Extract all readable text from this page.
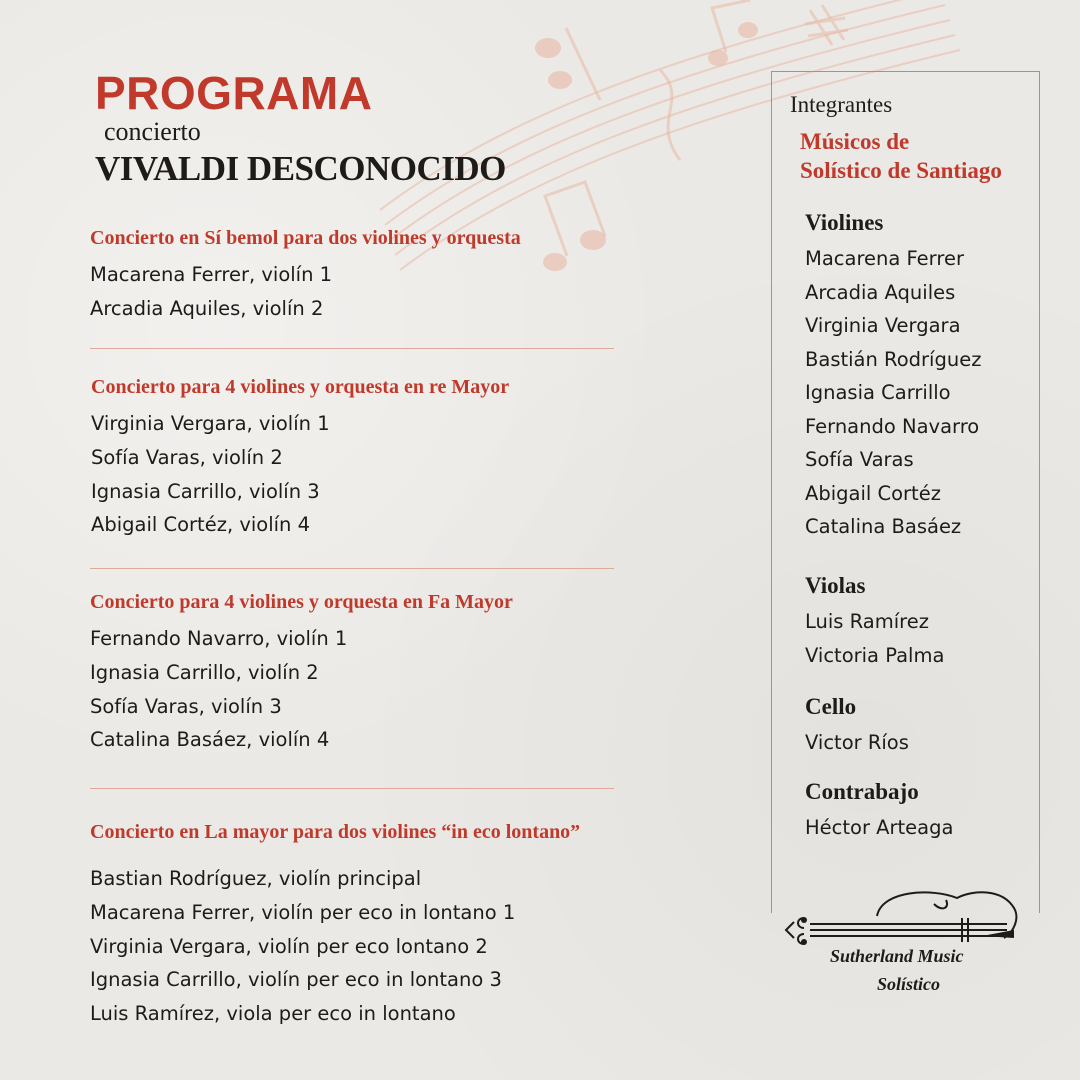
PROGRAMA
concierto
VIVALDI DESCONOCIDO
Concierto en Sí bemol para dos violines y orquesta
Macarena Ferrer, violín 1
Arcadia Aquiles, violín 2
Concierto para 4 violines y orquesta en re Mayor
Virginia Vergara, violín 1
Sofía Varas, violín 2
Ignasia Carrillo, violín 3
Abigail Cortéz, violín 4
Concierto para 4 violines y orquesta en Fa Mayor
Fernando Navarro, violín 1
Ignasia Carrillo, violín 2
Sofía Varas, violín 3
Catalina Basáez, violín 4
Concierto en La mayor para dos violines “in eco lontano”
Bastian Rodríguez, violín principal
Macarena Ferrer, violín per eco in lontano 1
Virginia Vergara, violín per eco lontano 2
Ignasia Carrillo, violín per eco in lontano 3
Luis Ramírez, viola per eco in lontano
Integrantes
Músicos de
Solístico de Santiago
Violines
Macarena Ferrer
Arcadia Aquiles
Virginia Vergara
Bastián Rodríguez
Ignasia Carrillo
Fernando Navarro
Sofía Varas
Abigail Cortéz
Catalina Basáez
Violas
Luis Ramírez
Victoria Palma
Cello
Victor Ríos
Contrabajo
Héctor Arteaga
Sutherland Music
Solístico
